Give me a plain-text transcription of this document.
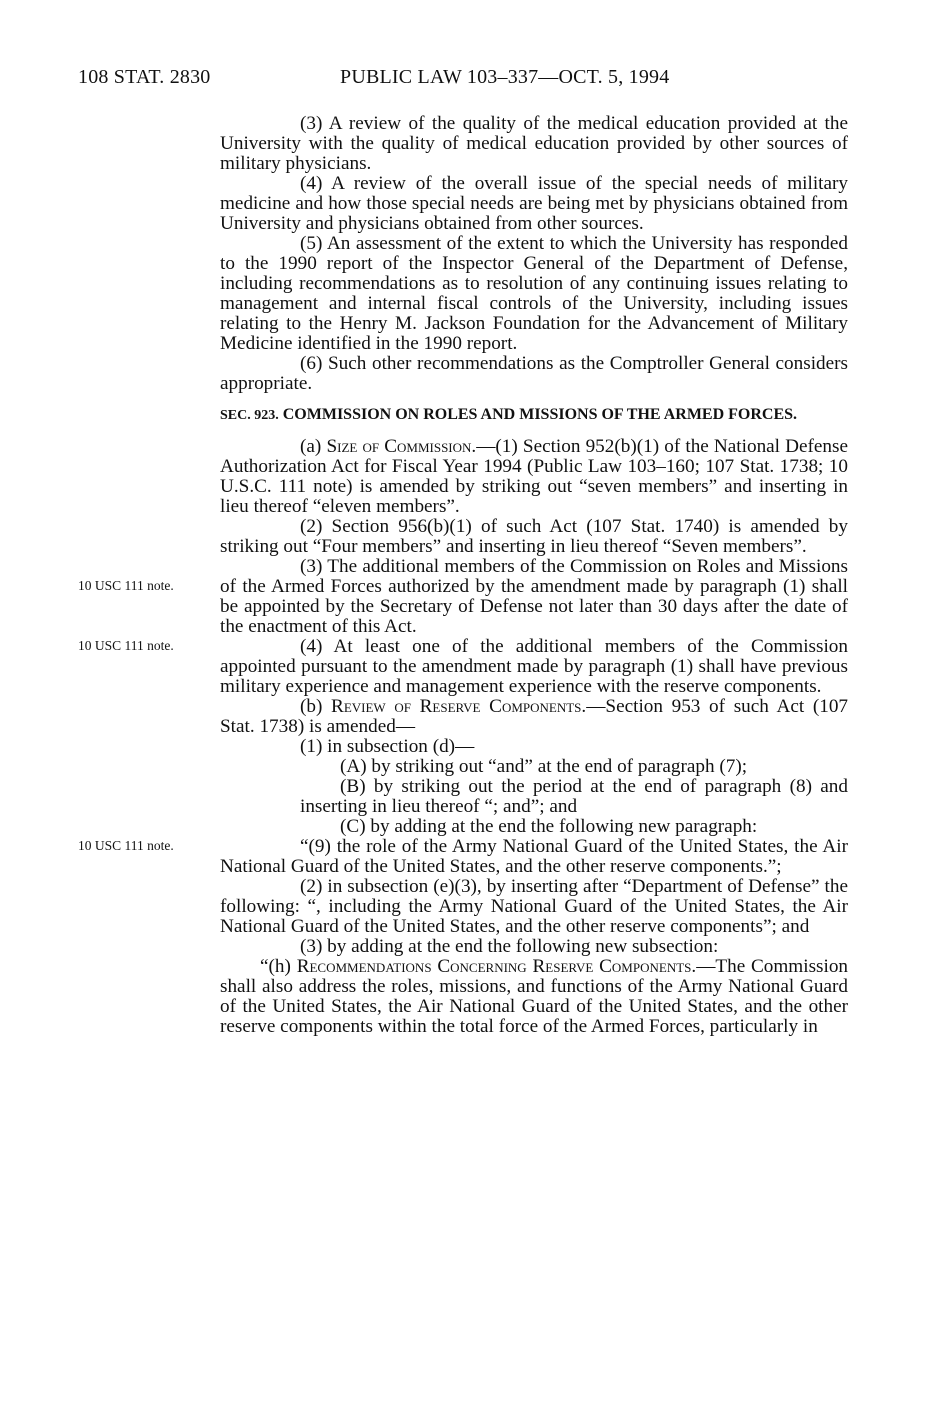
108 STAT. 2830	PUBLIC LAW 103–337—OCT. 5, 1994
10 USC 111 note.
10 USC 111 note.
10 USC 111 note.

(3) A review of the quality of the medical education provided at the University with the quality of medical education provided by other sources of military physicians.

(4) A review of the overall issue of the special needs of military medicine and how those special needs are being met by physicians obtained from University and physicians obtained from other sources.

(5) An assessment of the extent to which the University has responded to the 1990 report of the Inspector General of the Department of Defense, including recommendations as to resolution of any continuing issues relating to management and internal fiscal controls of the University, including issues relating to the Henry M. Jackson Foundation for the Advancement of Military Medicine identified in the 1990 report.

(6) Such other recommendations as the Comptroller General considers appropriate.

SEC. 923. COMMISSION ON ROLES AND MISSIONS OF THE ARMED FORCES.

(a) Size of Commission.—(1) Section 952(b)(1) of the National Defense Authorization Act for Fiscal Year 1994 (Public Law 103–160; 107 Stat. 1738; 10 U.S.C. 111 note) is amended by striking out “seven members” and inserting in lieu thereof “eleven members”.

(2) Section 956(b)(1) of such Act (107 Stat. 1740) is amended by striking out “Four members” and inserting in lieu thereof “Seven members”.

(3) The additional members of the Commission on Roles and Missions of the Armed Forces authorized by the amendment made by paragraph (1) shall be appointed by the Secretary of Defense not later than 30 days after the date of the enactment of this Act.

(4) At least one of the additional members of the Commission appointed pursuant to the amendment made by paragraph (1) shall have previous military experience and management experience with the reserve components.

(b) Review of Reserve Components.—Section 953 of such Act (107 Stat. 1738) is amended—

(1) in subsection (d)—

(A) by striking out “and” at the end of paragraph (7);

(B) by striking out the period at the end of paragraph (8) and inserting in lieu thereof “; and”; and

(C) by adding at the end the following new paragraph:

“(9) the role of the Army National Guard of the United States, the Air National Guard of the United States, and the other reserve components.”;

(2) in subsection (e)(3), by inserting after “Department of Defense” the following: “, including the Army National Guard of the United States, the Air National Guard of the United States, and the other reserve components”; and

(3) by adding at the end the following new subsection:

“(h) Recommendations Concerning Reserve Components.—The Commission shall also address the roles, missions, and functions of the Army National Guard of the United States, the Air National Guard of the United States, and the other reserve components within the total force of the Armed Forces, particularly in
